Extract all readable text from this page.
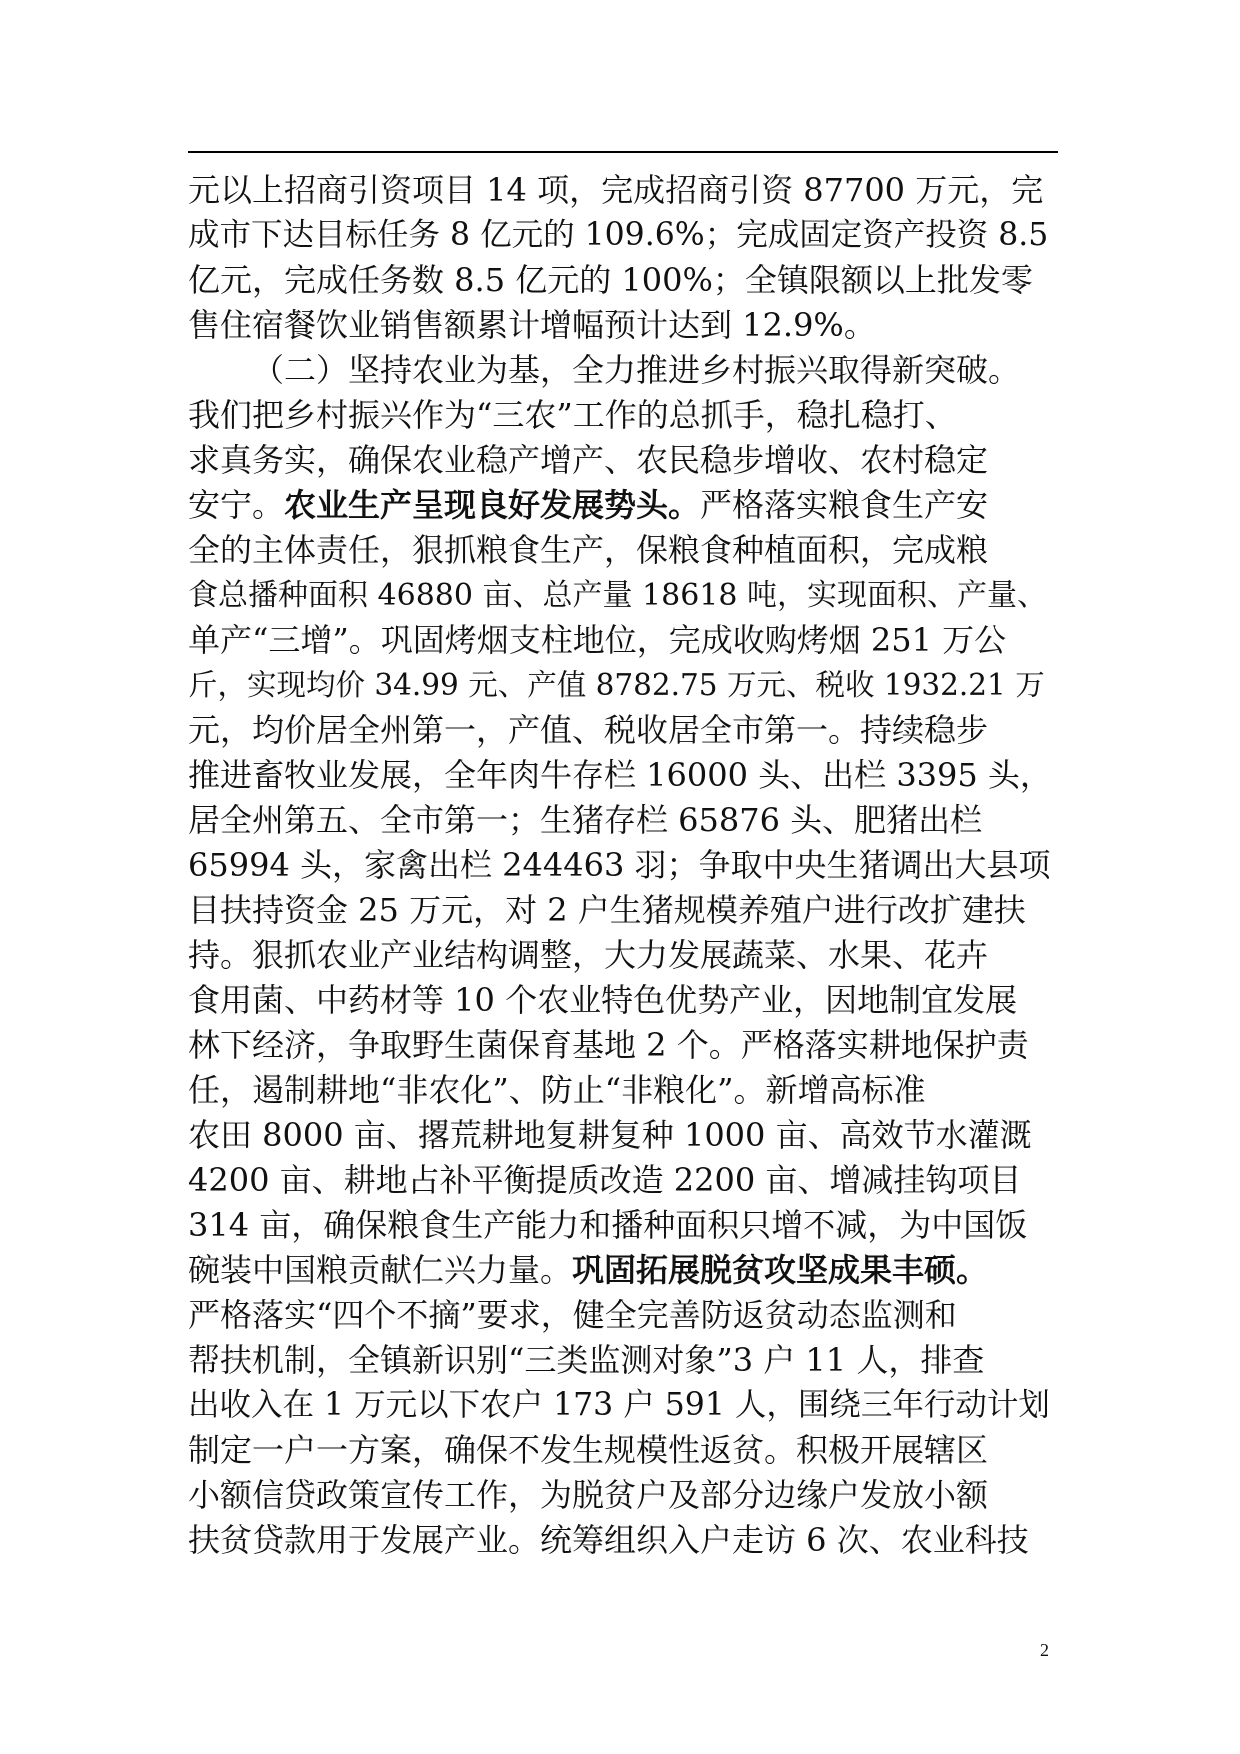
元以上招商引资项目 14 项，完成招商引资 87700 万元，完
成市下达目标任务 8 亿元的 109.6%；完成固定资产投资 8.5
亿元，完成任务数 8.5 亿元的 100%；全镇限额以上批发零
售住宿餐饮业销售额累计增幅预计达到 12.9%。
（二）坚持农业为基，全力推进乡村振兴取得新突破。
我们把乡村振兴作为“三农”工作的总抓手，稳扎稳打、
求真务实，确保农业稳产增产、农民稳步增收、农村稳定
安宁。农业生产呈现良好发展势头。严格落实粮食生产安
全的主体责任，狠抓粮食生产，保粮食种植面积，完成粮
食总播种面积 46880 亩、总产量 18618 吨，实现面积、产量、
单产“三增”。巩固烤烟支柱地位，完成收购烤烟 251 万公
斤，实现均价 34.99 元、产值 8782.75 万元、税收 1932.21 万
元，均价居全州第一，产值、税收居全市第一。持续稳步
推进畜牧业发展，全年肉牛存栏 16000 头、出栏 3395 头，
居全州第五、全市第一；生猪存栏 65876 头、肥猪出栏
65994 头，家禽出栏 244463 羽；争取中央生猪调出大县项
目扶持资金 25 万元，对 2 户生猪规模养殖户进行改扩建扶
持。狠抓农业产业结构调整，大力发展蔬菜、水果、花卉
食用菌、中药材等 10 个农业特色优势产业，因地制宜发展
林下经济，争取野生菌保育基地 2 个。严格落实耕地保护责
任，遏制耕地“非农化”、防止“非粮化”。新增高标准
农田 8000 亩、撂荒耕地复耕复种 1000 亩、高效节水灌溉
4200 亩、耕地占补平衡提质改造 2200 亩、增减挂钩项目
314 亩，确保粮食生产能力和播种面积只增不减，为中国饭
碗装中国粮贡献仁兴力量。巩固拓展脱贫攻坚成果丰硕。
严格落实“四个不摘”要求，健全完善防返贫动态监测和
帮扶机制，全镇新识别“三类监测对象”3 户 11 人，排查
出收入在 1 万元以下农户 173 户 591 人，围绕三年行动计划
制定一户一方案，确保不发生规模性返贫。积极开展辖区
小额信贷政策宣传工作，为脱贫户及部分边缘户发放小额
扶贫贷款用于发展产业。统筹组织入户走访 6 次、农业科技
2
